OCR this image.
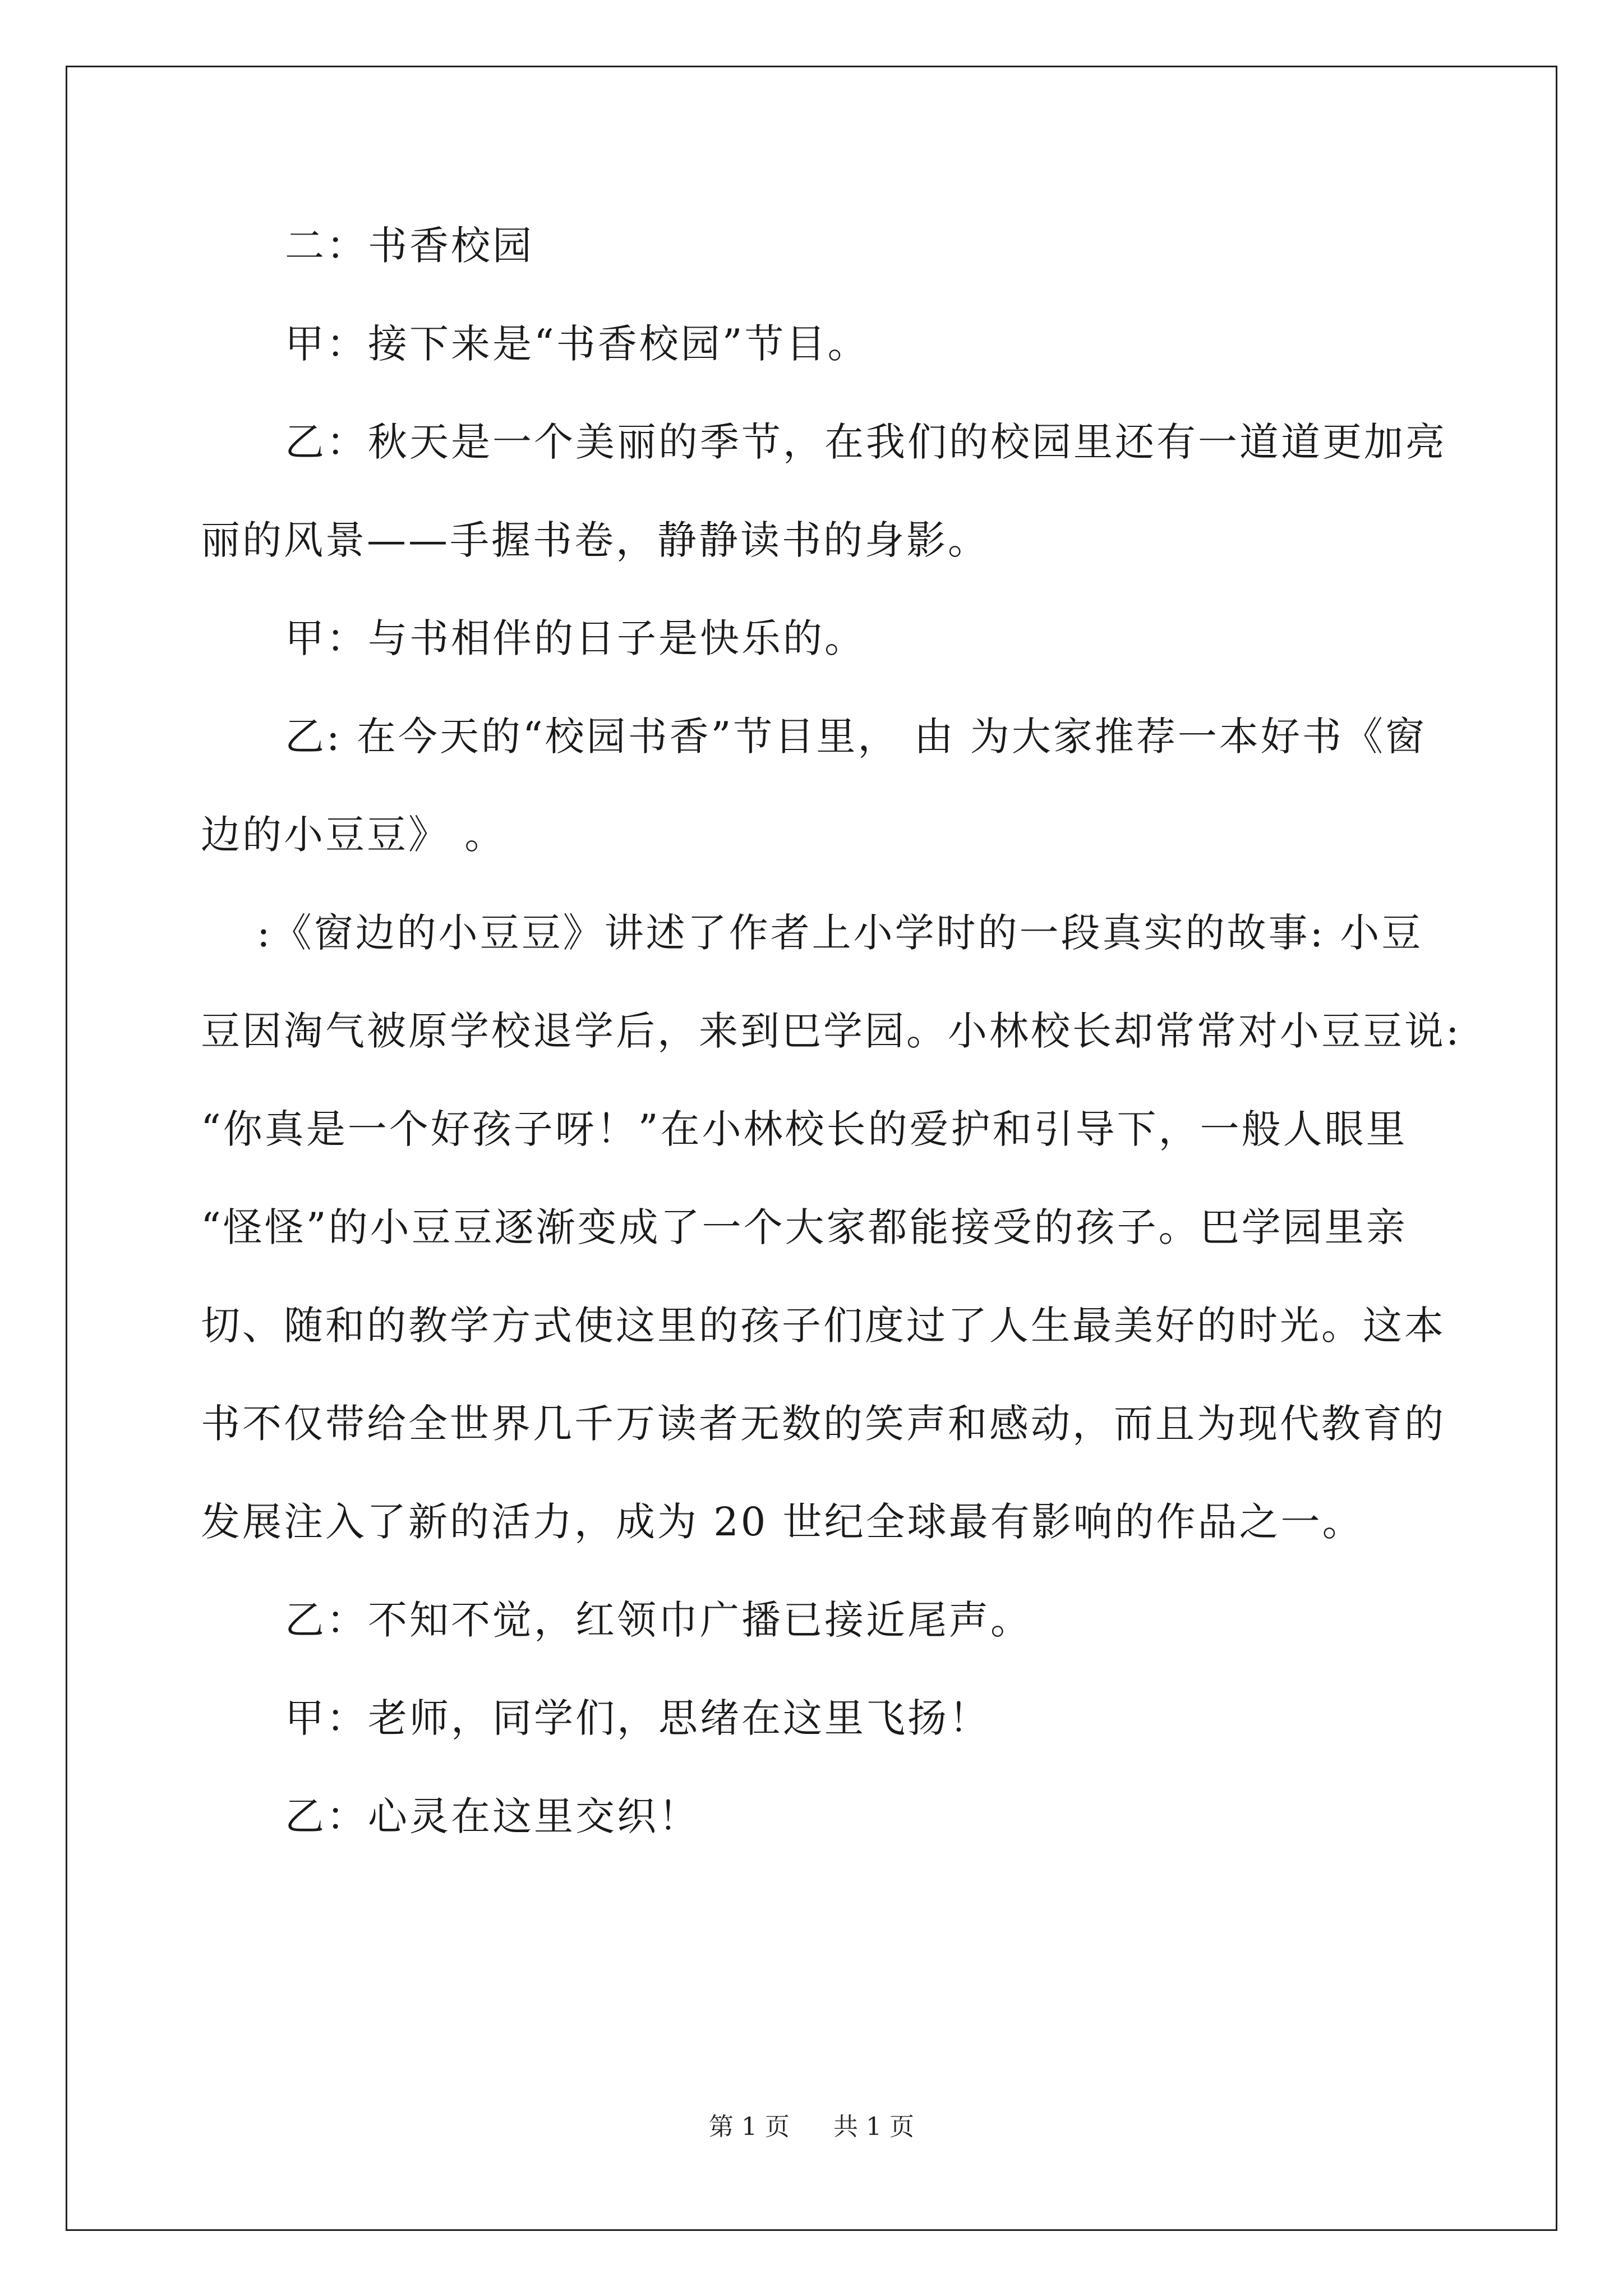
二：书香校园
甲：接下来是“书香校园”节目。
乙：秋天是一个美丽的季节，在我们的校园里还有一道道更加亮
丽的风景——手握书卷，静静读书的身影。
甲：与书相伴的日子是快乐的。
乙: 在今天的“校园书香”节目里， 由 为大家推荐一本好书《窗
边的小豆豆》 。
:《窗边的小豆豆》讲述了作者上小学时的一段真实的故事: 小豆
豆因淘气被原学校退学后，来到巴学园。小林校长却常常对小豆豆说:
“你真是一个好孩子呀！”在小林校长的爱护和引导下，一般人眼里
“怪怪”的小豆豆逐渐变成了一个大家都能接受的孩子。巴学园里亲
切、随和的教学方式使这里的孩子们度过了人生最美好的时光。这本
书不仅带给全世界几千万读者无数的笑声和感动，而且为现代教育的
发展注入了新的活力，成为 20 世纪全球最有影响的作品之一。
乙：不知不觉，红领巾广播已接近尾声。
甲：老师，同学们，思绪在这里飞扬！
乙：心灵在这里交织！
第 1 页 共 1 页
